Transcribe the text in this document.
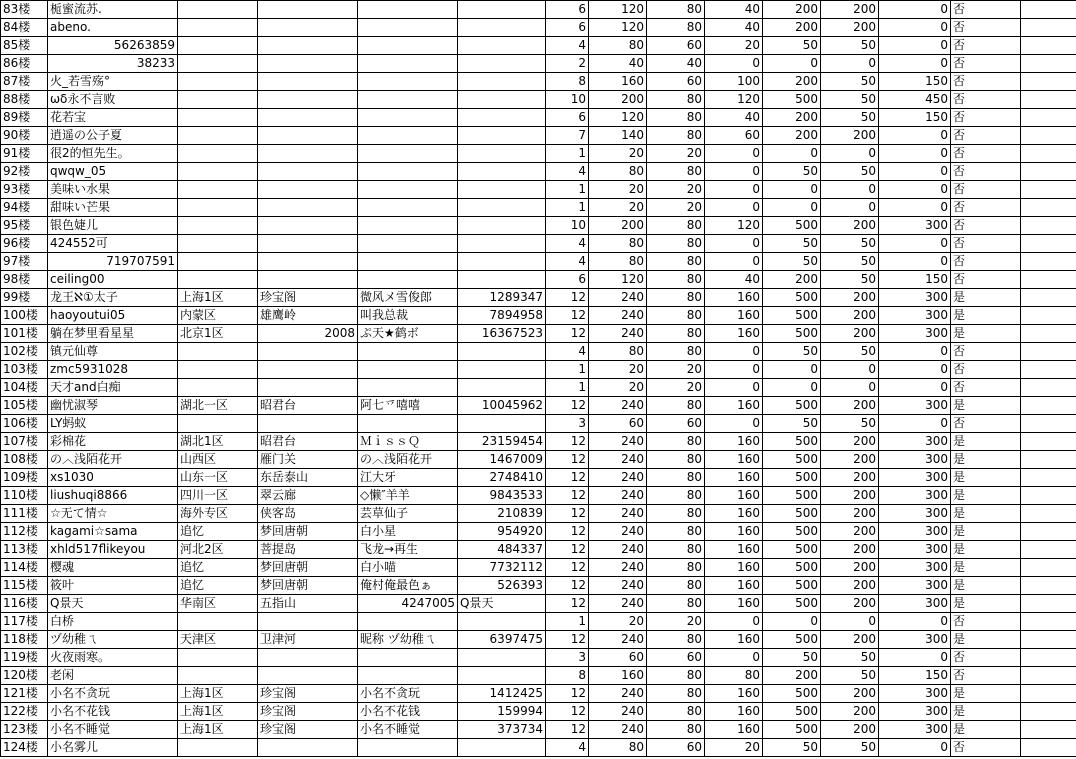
83楼	栀蜜流苏.					6	120	80	40	200	200	0	否	
84楼	abeno.					6	120	80	40	200	200	0	否	
85楼	56263859					4	80	60	20	50	50	0	否	
86楼	38233					2	40	40	0	0	0	0	否	
87楼	火_若雪殇°					8	160	60	100	200	50	150	否	
88楼	ωδ永不言败					10	200	80	120	500	50	450	否	
89楼	花若宝					6	120	80	40	200	50	150	否	
90楼	逍遥の公子夏					7	140	80	60	200	200	0	否	
91楼	很2的恒先生。					1	20	20	0	0	0	0	否	
92楼	qwqw_05					4	80	80	0	50	50	0	否	
93楼	美味い水果					1	20	20	0	0	0	0	否	
94楼	甜味い芒果					1	20	20	0	0	0	0	否	
95楼	银色婕儿					10	200	80	120	500	200	300	否	
96楼	424552可					4	80	80	0	50	50	0	否	
97楼	719707591					4	80	80	0	50	50	0	否	
98楼	ceiling00					6	120	80	40	200	50	150	否	
99楼	龙王ℵ①太子	上海1区	珍宝阁	微风メ雪俊郎	1289347	12	240	80	160	500	200	300	是	
100楼	haoyoutui05	内蒙区	雄鹰岭	叫我总裁	7894958	12	240	80	160	500	200	300	是	
101楼	躺在梦里看星星	北京1区	2008	ぷ天★鹤ボ	16367523	12	240	80	160	500	200	300	是	
102楼	镇元仙尊					4	80	80	0	50	50	0	否	
103楼	zmc5931028					1	20	20	0	0	0	0	否	
104楼	天才and白痴					1	20	20	0	0	0	0	否	
105楼	幽忧淑琴	湖北一区	昭君台	阿七乊嘻嘻	10045962	12	240	80	160	500	200	300	是	
106楼	LY蚂蚁					3	60	60	0	50	50	0	否	
107楼	彩棉花	湖北1区	昭君台	ＭｉｓｓＱ	23159454	12	240	80	160	500	200	300	是	
108楼	の︿浅陌花开	山西区	雁门关	の︿浅陌花开	1467009	12	240	80	160	500	200	300	是	
109楼	xs1030	山东一区	东岳泰山	江大牙	2748410	12	240	80	160	500	200	300	是	
110楼	liushuqi8866	四川一区	翠云廊	◇懒″羊羊	9843533	12	240	80	160	500	200	300	是	
111楼	☆无て情☆	海外专区	侠客岛	芸草仙子	210839	12	240	80	160	500	200	300	是	
112楼	kagami☆sama	追忆	梦回唐朝	白小星	954920	12	240	80	160	500	200	300	是	
113楼	xhld517flikeyou	河北2区	菩提岛	飞龙→再生	484337	12	240	80	160	500	200	300	是	
114楼	樱魂	追忆	梦回唐朝	白小喵	7732112	12	240	80	160	500	200	300	是	
115楼	筱叶	追忆	梦回唐朝	俺村俺最色ぁ	526393	12	240	80	160	500	200	300	是	
116楼	Q景天	华南区	五指山	4247005	Q景天	12	240	80	160	500	200	300	是	
117楼	白桥					1	20	20	0	0	0	0	否	
118楼	ヅ幼稚ㄟ	天津区	卫津河	昵称 ヅ幼稚ㄟ	6397475	12	240	80	160	500	200	300	是	
119楼	火夜雨寒。					3	60	60	0	50	50	0	否	
120楼	老闲					8	160	80	80	200	50	150	否	
121楼	小名不贪玩	上海1区	珍宝阁	小名不贪玩	1412425	12	240	80	160	500	200	300	是	
122楼	小名不花钱	上海1区	珍宝阁	小名不花钱	159994	12	240	80	160	500	200	300	是	
123楼	小名不睡觉	上海1区	珍宝阁	小名不睡觉	373734	12	240	80	160	500	200	300	是	
124楼	小名雾儿					4	80	60	20	50	50	0	否	
